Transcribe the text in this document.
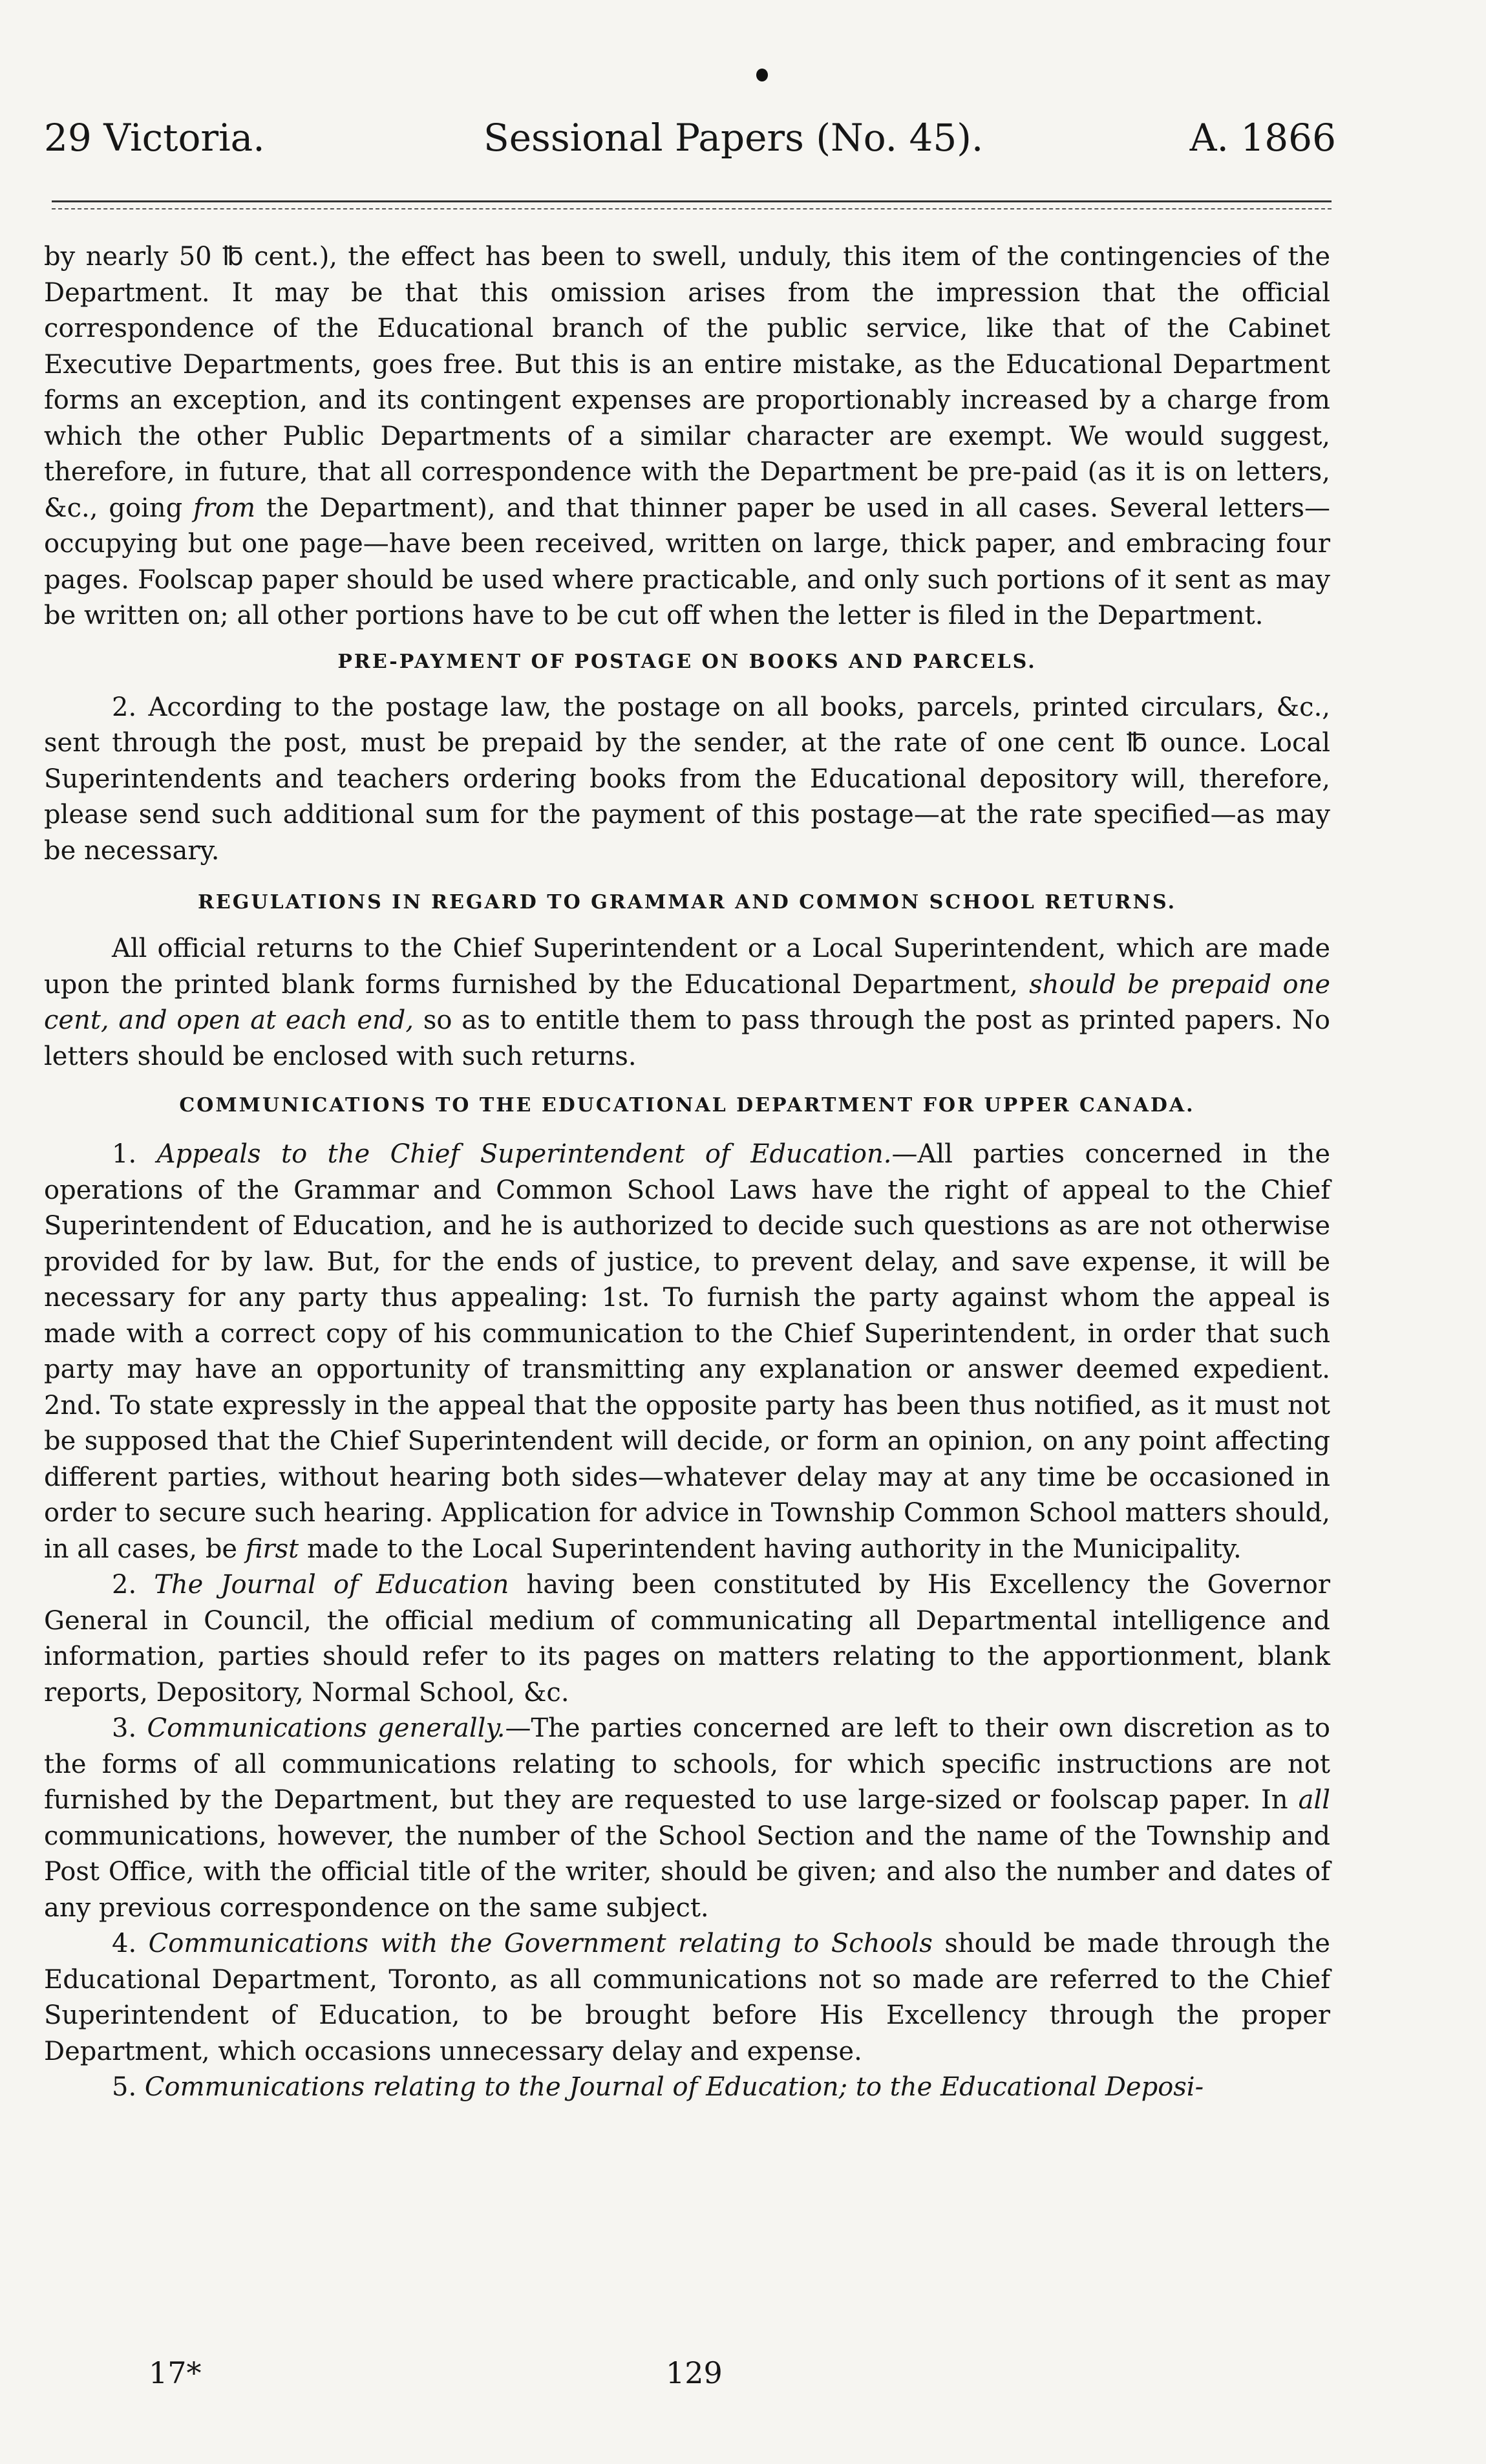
29 Victoria.	Sessional Papers (No. 45).	A. 1866

by nearly 50 ℔ cent.), the effect has been to swell, unduly, this item of the contingencies of the Department. It may be that this omission arises from the impression that the official correspondence of the Educational branch of the public service, like that of the Cabinet Executive Departments, goes free. But this is an entire mistake, as the Educational Department forms an exception, and its contingent expenses are proportionably increased by a charge from which the other Public Departments of a similar character are exempt. We would suggest, therefore, in future, that all correspondence with the Department be pre-paid (as it is on letters, &c., going from the Department), and that thinner paper be used in all cases. Several letters—occupying but one page—have been received, written on large, thick paper, and embracing four pages. Foolscap paper should be used where practicable, and only such portions of it sent as may be written on; all other portions have to be cut off when the letter is filed in the Department.

PRE-PAYMENT OF POSTAGE ON BOOKS AND PARCELS.

2. According to the postage law, the postage on all books, parcels, printed circulars, &c., sent through the post, must be prepaid by the sender, at the rate of one cent ℔ ounce. Local Superintendents and teachers ordering books from the Educational depository will, therefore, please send such additional sum for the payment of this postage—at the rate specified—as may be necessary.

REGULATIONS IN REGARD TO GRAMMAR AND COMMON SCHOOL RETURNS.

All official returns to the Chief Superintendent or a Local Superintendent, which are made upon the printed blank forms furnished by the Educational Department, should be prepaid one cent, and open at each end, so as to entitle them to pass through the post as printed papers. No letters should be enclosed with such returns.

COMMUNICATIONS TO THE EDUCATIONAL DEPARTMENT FOR UPPER CANADA.

1. Appeals to the Chief Superintendent of Education.—All parties concerned in the operations of the Grammar and Common School Laws have the right of appeal to the Chief Superintendent of Education, and he is authorized to decide such questions as are not otherwise provided for by law. But, for the ends of justice, to prevent delay, and save expense, it will be necessary for any party thus appealing: 1st. To furnish the party against whom the appeal is made with a correct copy of his communication to the Chief Superintendent, in order that such party may have an opportunity of transmitting any explanation or answer deemed expedient. 2nd. To state expressly in the appeal that the opposite party has been thus notified, as it must not be supposed that the Chief Superintendent will decide, or form an opinion, on any point affecting different parties, without hearing both sides—whatever delay may at any time be occasioned in order to secure such hearing. Application for advice in Township Common School matters should, in all cases, be first made to the Local Superintendent having authority in the Municipality.

2. The Journal of Education having been constituted by His Excellency the Governor General in Council, the official medium of communicating all Departmental intelligence and information, parties should refer to its pages on matters relating to the apportionment, blank reports, Depository, Normal School, &c.

3. Communications generally.—The parties concerned are left to their own discretion as to the forms of all communications relating to schools, for which specific instructions are not furnished by the Department, but they are requested to use large-sized or foolscap paper. In all communications, however, the number of the School Section and the name of the Township and Post Office, with the official title of the writer, should be given; and also the number and dates of any previous correspondence on the same subject.

4. Communications with the Government relating to Schools should be made through the Educational Department, Toronto, as all communications not so made are referred to the Chief Superintendent of Education, to be brought before His Excellency through the proper Department, which occasions unnecessary delay and expense.

5. Communications relating to the Journal of Education; to the Educational Deposi-

17*	129
